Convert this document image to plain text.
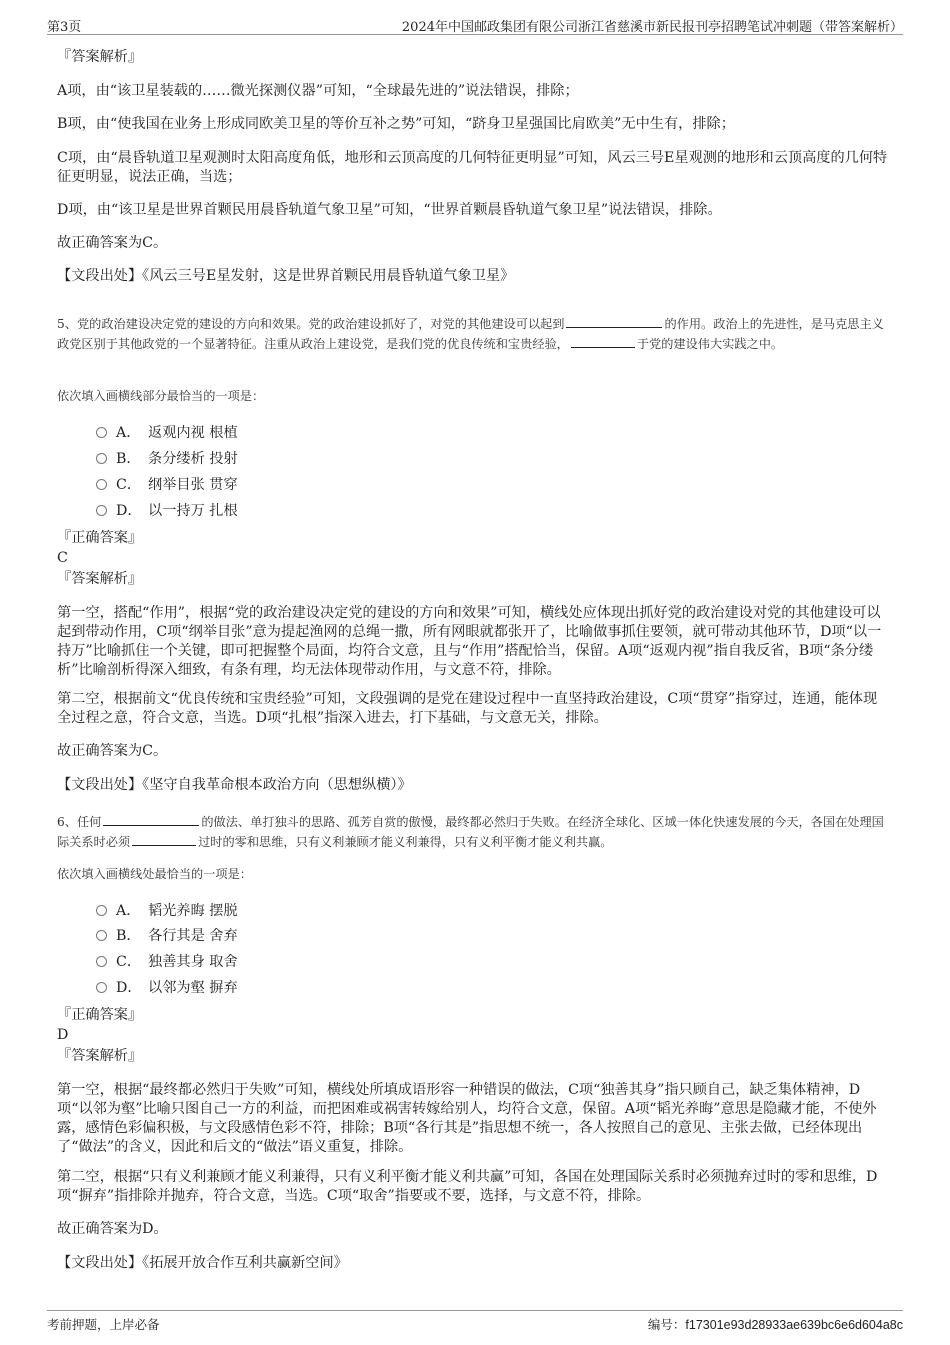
第3页	2024年中国邮政集团有限公司浙江省慈溪市新民报刊亭招聘笔试冲刺题（带答案解析）
『答案解析』
A项，由“该卫星装载的……微光探测仪器”可知，“全球最先进的”说法错误，排除；
B项，由“使我国在业务上形成同欧美卫星的等价互补之势”可知，“跻身卫星强国比肩欧美”无中生有，排除；
C项，由“晨昏轨道卫星观测时太阳高度角低，地形和云顶高度的几何特征更明显”可知，风云三号E星观测的地形和云顶高度的几何特征更明显，说法正确，当选；
D项，由“该卫星是世界首颗民用晨昏轨道气象卫星”可知，“世界首颗晨昏轨道气象卫星”说法错误，排除。
故正确答案为C。
【文段出处】《风云三号E星发射，这是世界首颗民用晨昏轨道气象卫星》
5、党的政治建设决定党的建设的方向和效果。党的政治建设抓好了，对党的其他建设可以起到	的作用。政治上的先进性，是马克思主义政党区别于其他政党的一个显著特征。注重从政治上建设党，是我们党的优良传统和宝贵经验，	于党的建设伟大实践之中。
依次填入画横线部分最恰当的一项是：
A． 返观内视 根植
B． 条分缕析 投射
C． 纲举目张 贯穿
D． 以一持万 扎根
『正确答案』
C
『答案解析』
第一空，搭配“作用”，根据“党的政治建设决定党的建设的方向和效果”可知，横线处应体现出抓好党的政治建设对党的其他建设可以起到带动作用，C项“纲举目张”意为提起渔网的总绳一撒，所有网眼就都张开了，比喻做事抓住要领，就可带动其他环节，D项“以一持万”比喻抓住一个关键，即可把握整个局面，均符合文意，且与“作用”搭配恰当，保留。A项“返观内视”指自我反省，B项“条分缕析”比喻剖析得深入细致，有条有理，均无法体现带动作用，与文意不符，排除。
第二空，根据前文“优良传统和宝贵经验”可知，文段强调的是党在建设过程中一直坚持政治建设，C项“贯穿”指穿过，连通，能体现全过程之意，符合文意，当选。D项“扎根”指深入进去，打下基础，与文意无关，排除。
故正确答案为C。
【文段出处】《坚守自我革命根本政治方向（思想纵横）》
6、任何	的做法、单打独斗的思路、孤芳自赏的傲慢，最终都必然归于失败。在经济全球化、区域一体化快速发展的今天，各国在处理国际关系时必须	过时的零和思维，只有义利兼顾才能义利兼得，只有义利平衡才能义利共赢。
依次填入画横线处最恰当的一项是：
A． 韬光养晦 摆脱
B． 各行其是 舍弃
C． 独善其身 取舍
D． 以邻为壑 摒弃
『正确答案』
D
『答案解析』
第一空，根据“最终都必然归于失败”可知，横线处所填成语形容一种错误的做法，C项“独善其身”指只顾自己，缺乏集体精神，D项“以邻为壑”比喻只图自己一方的利益，而把困难或祸害转嫁给别人，均符合文意，保留。A项“韬光养晦”意思是隐藏才能，不使外露，感情色彩偏积极，与文段感情色彩不符，排除；B项“各行其是”指思想不统一，各人按照自己的意见、主张去做，已经体现出了“做法”的含义，因此和后文的“做法”语义重复，排除。
第二空，根据“只有义利兼顾才能义利兼得，只有义利平衡才能义利共赢”可知，各国在处理国际关系时必须抛弃过时的零和思维，D项“摒弃”指排除并抛弃，符合文意，当选。C项“取舍”指要或不要，选择，与文意不符，排除。
故正确答案为D。
【文段出处】《拓展开放合作互利共赢新空间》
考前押题，上岸必备	编号：f17301e93d28933ae639bc6e6d604a8c
